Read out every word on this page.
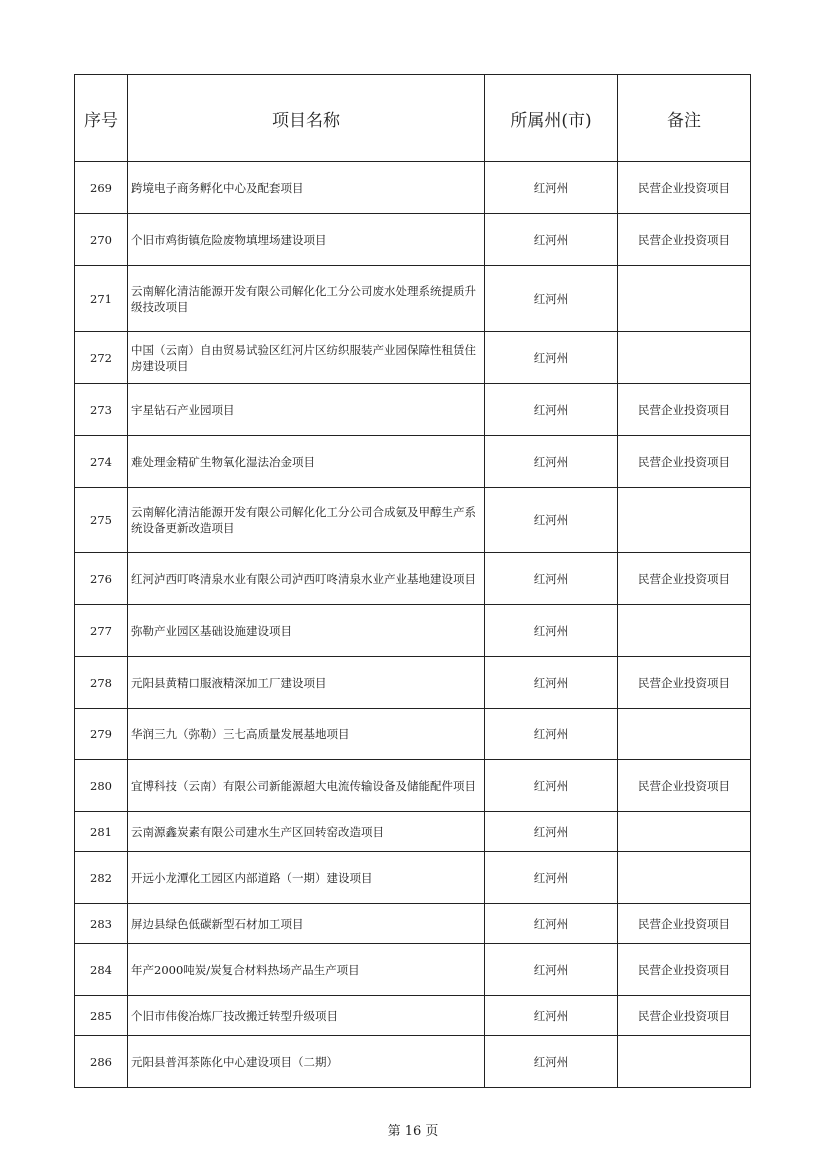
序号	项目名称	所属州(市)	备注
269	跨境电子商务孵化中心及配套项目	红河州	民营企业投资项目
270	个旧市鸡街镇危险废物填埋场建设项目	红河州	民营企业投资项目
271	云南解化清洁能源开发有限公司解化化工分公司废水处理系统提质升级技改项目	红河州	
272	中国（云南）自由贸易试验区红河片区纺织服装产业园保障性租赁住房建设项目	红河州	
273	宇星钻石产业园项目	红河州	民营企业投资项目
274	难处理金精矿生物氧化湿法冶金项目	红河州	民营企业投资项目
275	云南解化清洁能源开发有限公司解化化工分公司合成氨及甲醇生产系统设备更新改造项目	红河州	
276	红河泸西叮咚清泉水业有限公司泸西叮咚清泉水业产业基地建设项目	红河州	民营企业投资项目
277	弥勒产业园区基础设施建设项目	红河州	
278	元阳县黄精口服液精深加工厂建设项目	红河州	民营企业投资项目
279	华润三九（弥勒）三七高质量发展基地项目	红河州	
280	宜博科技（云南）有限公司新能源超大电流传输设备及储能配件项目	红河州	民营企业投资项目
281	云南源鑫炭素有限公司建水生产区回转窑改造项目	红河州	
282	开远小龙潭化工园区内部道路（一期）建设项目	红河州	
283	屏边县绿色低碳新型石材加工项目	红河州	民营企业投资项目
284	年产2000吨炭/炭复合材料热场产品生产项目	红河州	民营企业投资项目
285	个旧市伟俊冶炼厂技改搬迁转型升级项目	红河州	民营企业投资项目
286	元阳县普洱茶陈化中心建设项目（二期）	红河州	
第 16 页
